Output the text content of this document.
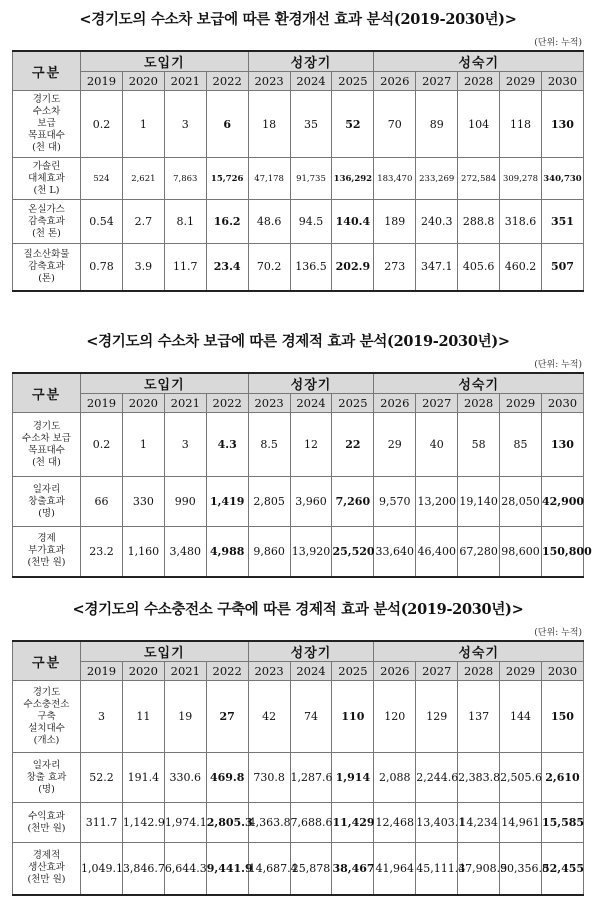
<경기도의 수소차 보급에 따른 환경개선 효과 분석(2019-2030년)>
(단위: 누적)
구분	도입기				성장기			성숙기				
	2019	2020	2021	2022	2023	2024	2025	2026	2027	2028	2029	2030

경기도
수소차
보급
목표대수
(천 대)	0.2	1	3	6	18	35	52	70	89	104	118	130

가솔린
대체효과
(천 L)	524	2,621	7,863	15,726	47,178	91,735	136,292	183,470	233,269	272,584	309,278	340,730

온실가스
감축효과
(천 톤)	0.54	2.7	8.1	16.2	48.6	94.5	140.4	189	240.3	288.8	318.6	351

질소산화물
감축효과
(톤)	0.78	3.9	11.7	23.4	70.2	136.5	202.9	273	347.1	405.6	460.2	507
<경기도의 수소차 보급에 따른 경제적 효과 분석(2019-2030년)>
(단위: 누적)
구분	도입기				성장기			성숙기				
	2019	2020	2021	2022	2023	2024	2025	2026	2027	2028	2029	2030

경기도
수소차 보급
목표대수
(천 대)	0.2	1	3	4.3	8.5	12	22	29	40	58	85	130

일자리
창출효과
(명)	66	330	990	1,419	2,805	3,960	7,260	9,570	13,200	19,140	28,050	42,900

경제
부가효과
(천만 원)	23.2	1,160	3,480	4,988	9,860	13,920	25,520	33,640	46,400	67,280	98,600	150,800
<경기도의 수소충전소 구축에 따른 경제적 효과 분석(2019-2030년)>
(단위: 누적)
구분	도입기				성장기			성숙기				
	2019	2020	2021	2022	2023	2024	2025	2026	2027	2028	2029	2030

경기도
수소충전소
구축
설치대수
(개소)	3	11	19	27	42	74	110	120	129	137	144	150

일자리
창출 효과
(명)	52.2	191.4	330.6	469.8	730.8	1,287.6	1,914	2,088	2,244.6	2,383.8	2,505.6	2,610

수익효과
(천만 원)	311.7	1,142.9	1,974.1	2,805.3	4,363.8	7,688.6	11,429	12,468	13,403.1	14,234	14,961	15,585

경제적
생산효과
(천만 원)	1,049.1	3,846.7	6,644.3	9,441.9	14,687.4	25,878	38,467	41,964	45,111.3	47,908.9	50,356.8	52,455
